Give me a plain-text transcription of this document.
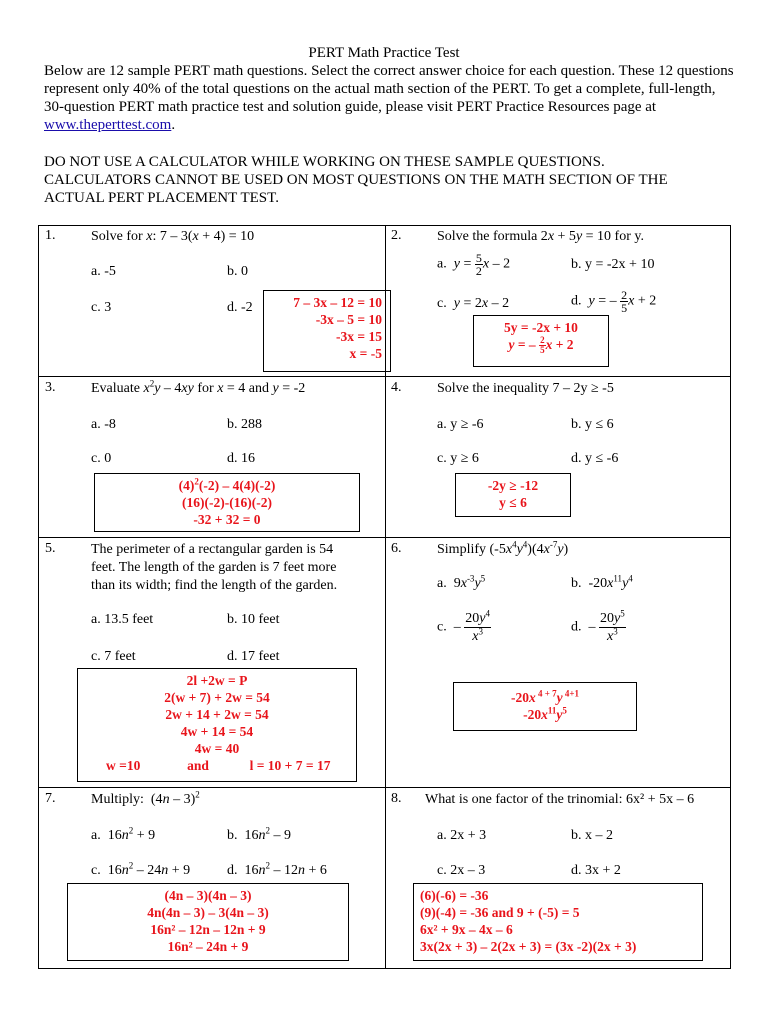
PERT Math Practice Test
Below are 12 sample PERT math questions. Select the correct answer choice for each question. These 12 questions represent only 40% of the total questions on the actual math section of the PERT. To get a complete, full-length, 30-question PERT math practice test and solution guide, please visit PERT Practice Resources page at www.theperttest.com.
DO NOT USE A CALCULATOR WHILE WORKING ON THESE SAMPLE QUESTIONS.
CALCULATORS CANNOT BE USED ON MOST QUESTIONS ON THE MATH SECTION OF THE
ACTUAL PERT PLACEMENT TEST.
1.	Solve for x: 7 – 3(x + 4) = 10
a. -5	b. 0
c. 3	d. -2	7 – 3x – 12 = 10
-3x – 5 = 10
-3x = 15
x = -5
2.	Solve the formula 2x + 5y = 10 for y.
a.  $y = \frac{5}{2}$ x – 2	b. y = -2x + 10
c.  y = 2x – 2	d.  y = – $\frac{2}{5}$ x + 2
5y = -2x + 10
y = – $\frac{2}{5}$ x + 2
3.	Evaluate $x^2y - 4xy$ for x = 4 and y = -2
a. -8	b. 288
c. 0	d. 16
$(4)^2(-2) - 4(4)(-2)$
(16)(-2)-(16)(-2)
-32 + 32 = 0
4.	Solve the inequality 7 – 2y ≥ -5
a. y ≥ -6	b. y ≤ 6
c. y ≥ 6	d. y ≤ -6
-2y ≥ -12
y ≤ 6
5.	The perimeter of a rectangular garden is 54
feet. The length of the garden is 7 feet more
than its width; find the length of the garden.
a. 13.5 feet	b. 10 feet
c. 7 feet	d. 17 feet
2l +2w = P
2(w + 7) + 2w = 54
2w + 14 + 2w = 54
4w + 14 = 54
4w = 40
w =10	and	l = 10 + 7 = 17
6.	Simplify $(-5x^4y^4)(4x^{-7}y)$
a.  $9x^{-3}y^5$	b.  $-20x^{11}y^4$
c.  – $\frac{20y^4}{x^3}$	d.  – $\frac{20y^5}{x^3}$
-20x $^{4 + 7}$y $^{4+1}$
$-20x^{11}y^5$
7.	Multiply:  (4n – 3)$^2$
a.  $16n^2 + 9$	b.  $16n^2 - 9$
c.  $16n^2 - 24n + 9$	d.  $16n^2 - 12n + 6$
(4n – 3)(4n – 3)
4n(4n – 3) – 3(4n – 3)
16n² – 12n – 12n + 9
16n² – 24n + 9
8. What is one factor of the trinomial: 6x² + 5x – 6
a. 2x + 3	b. x – 2
c. 2x – 3	d. 3x + 2
(6)(-6) = -36
(9)(-4) = -36 and 9 + (-5) = 5
6x² + 9x – 4x – 6
3x(2x + 3) – 2(2x + 3) = (3x -2)(2x + 3)
